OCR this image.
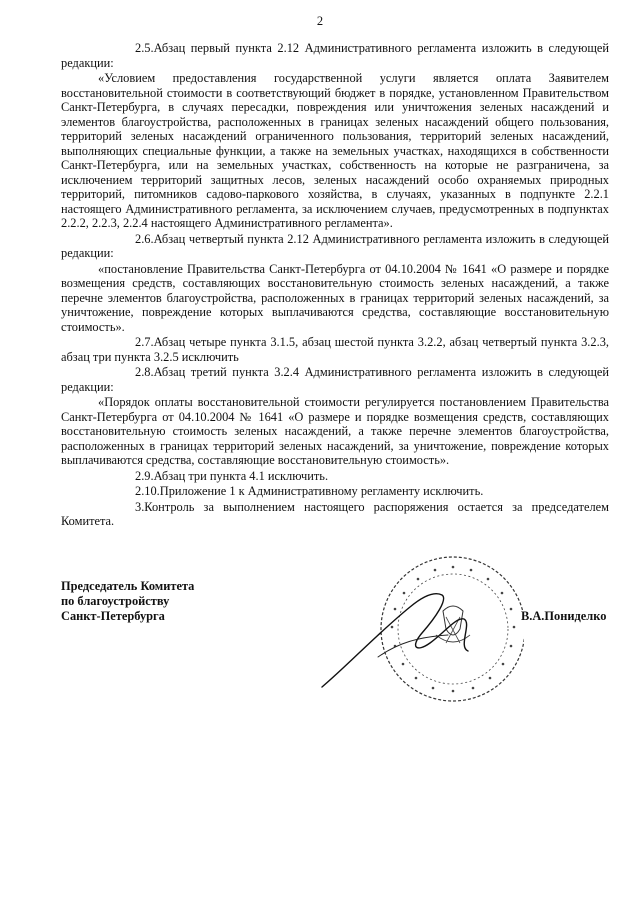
2

2.5.Абзац первый пункта 2.12 Административного регламента изложить в следующей редакции:

«Условием предоставления государственной услуги является оплата Заявителем восстановительной стоимости в соответствующий бюджет в порядке, установленном Правительством Санкт-Петербурга, в случаях пересадки, повреждения или уничтожения зеленых насаждений и элементов благоустройства, расположенных в границах зеленых насаждений общего пользования, территорий зеленых насаждений ограниченного пользования, территорий зеленых насаждений, выполняющих специальные функции, а также на земельных участках, находящихся в собственности Санкт-Петербурга, или на земельных участках, собственность на которые не разграничена, за исключением территорий защитных лесов, зеленых насаждений особо охраняемых природных территорий, питомников садово-паркового хозяйства, в случаях, указанных в подпункте 2.2.1 настоящего Административного регламента, за исключением случаев, предусмотренных в подпунктах 2.2.2, 2.2.3, 2.2.4 настоящего Административного регламента».

2.6.Абзац четвертый пункта 2.12 Административного регламента изложить в следующей редакции:

«постановление Правительства Санкт-Петербурга от 04.10.2004 № 1641 «О размере и порядке возмещения средств, составляющих восстановительную стоимость зеленых насаждений, а также перечне элементов благоустройства, расположенных в границах территорий зеленых насаждений, за уничтожение, повреждение которых выплачиваются средства, составляющие восстановительную стоимость».

2.7.Абзац четыре пункта 3.1.5, абзац шестой пункта 3.2.2, абзац четвертый пункта 3.2.3, абзац три пункта 3.2.5 исключить

2.8.Абзац третий пункта 3.2.4 Административного регламента изложить в следующей редакции:

«Порядок оплаты восстановительной стоимости регулируется постановлением Правительства Санкт-Петербурга от 04.10.2004 № 1641 «О размере и порядке возмещения средств, составляющих восстановительную стоимость зеленых насаждений, а также перечне элементов благоустройства, расположенных в границах территорий зеленых насаждений, за уничтожение, повреждение которых выплачиваются средства, составляющие восстановительную стоимость».

2.9.Абзац три пункта 4.1 исключить.

2.10.Приложение 1 к Административному регламенту исключить.

3.Контроль за выполнением настоящего распоряжения остается за председателем Комитета.

Председатель Комитета
по благоустройству
Санкт-Петербурга	В.А.Пониделко
